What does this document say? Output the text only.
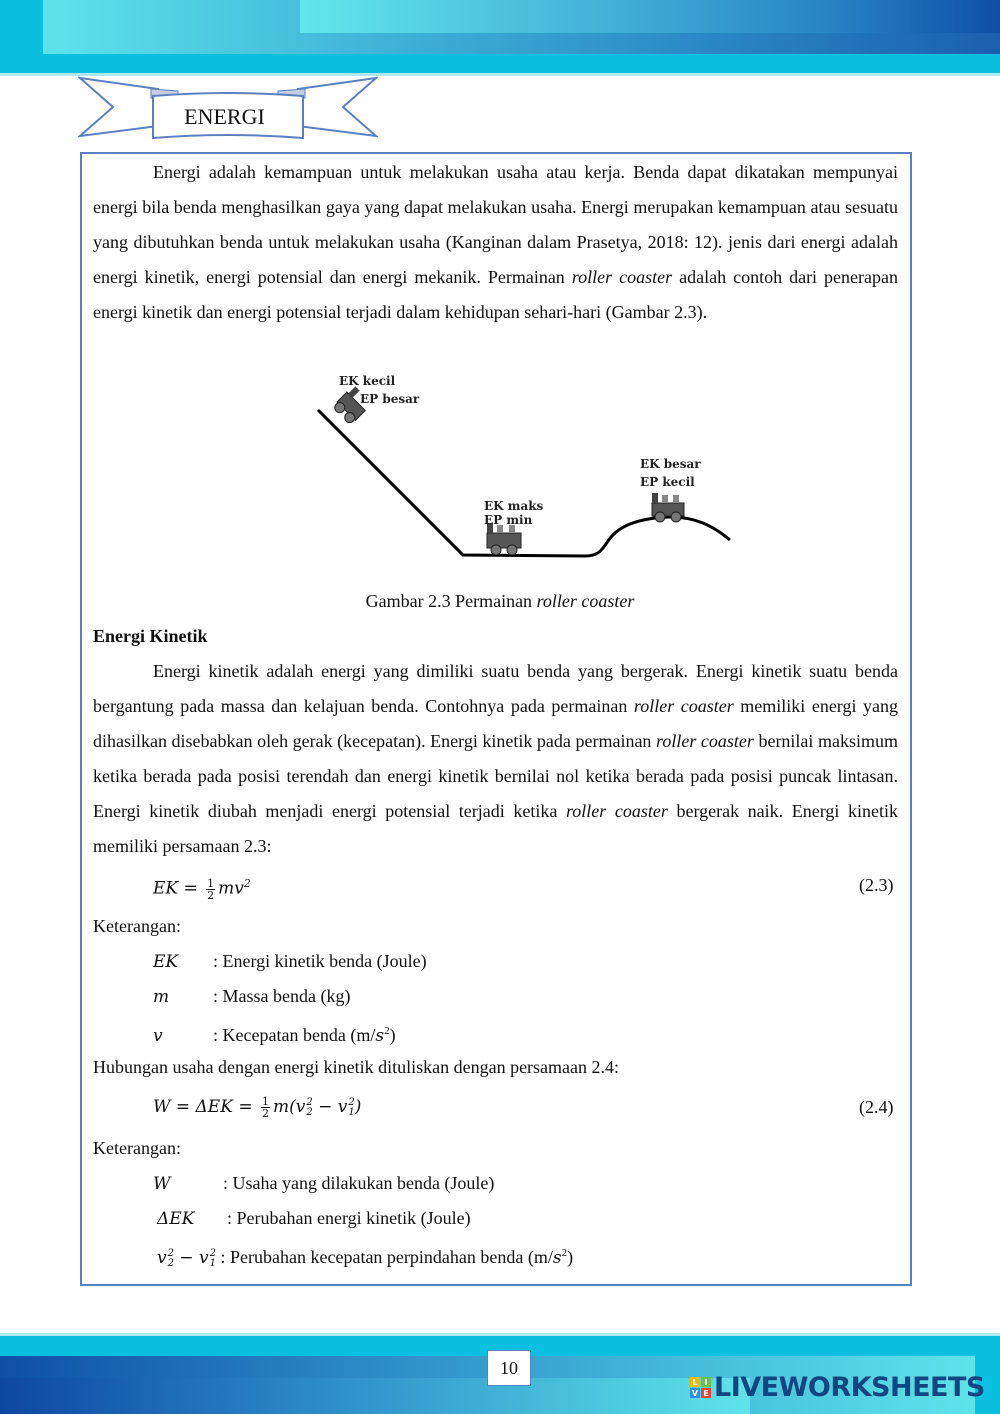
ENERGI
Energi adalah kemampuan untuk melakukan usaha atau kerja. Benda dapat dikatakan mempunyai energi bila benda menghasilkan gaya yang dapat melakukan usaha. Energi merupakan kemampuan atau sesuatu yang dibutuhkan benda untuk melakukan usaha (Kanginan dalam Prasetya, 2018: 12). jenis dari energi adalah energi kinetik, energi potensial dan energi mekanik. Permainan roller coaster adalah contoh dari penerapan energi kinetik dan energi potensial terjadi dalam kehidupan sehari-hari (Gambar 2.3).
EK kecil
EP besar
EK maks
EP min
EK besar
EP kecil
Gambar 2.3 Permainan roller coaster
Energi Kinetik
Energi kinetik adalah energi yang dimiliki suatu benda yang bergerak. Energi kinetik suatu benda bergantung pada massa dan kelajuan benda. Contohnya pada permainan roller coaster memiliki energi yang dihasilkan disebabkan oleh gerak (kecepatan). Energi kinetik pada permainan roller coaster bernilai maksimum ketika berada pada posisi terendah dan energi kinetik bernilai nol ketika berada pada posisi puncak lintasan. Energi kinetik diubah menjadi energi potensial terjadi ketika roller coaster bergerak naik. Energi kinetik memiliki persamaan 2.3:
EK = $\frac{1}{2} mv^2$	(2.3)
Keterangan:
EK : Energi kinetik benda (Joule)
m : Massa benda (kg)
v	: Kecepatan benda $(m/s^2)$
Hubungan usaha dengan energi kinetik dituliskan dengan persamaan 2.4:
$W = \Delta EK = \frac{1}{2} m(v$ 2
2 − v 2
1 )	(2.4)
Keterangan:
W	: Usaha yang dilakukan benda (Joule)
ΔEK : Perubahan energi kinetik (Joule)
v 2
2 − v 2
1 : Perubahan kecepatan perpindahan benda $(m/s^2)$
10
L I
V E LIVEWORKSHEETS
